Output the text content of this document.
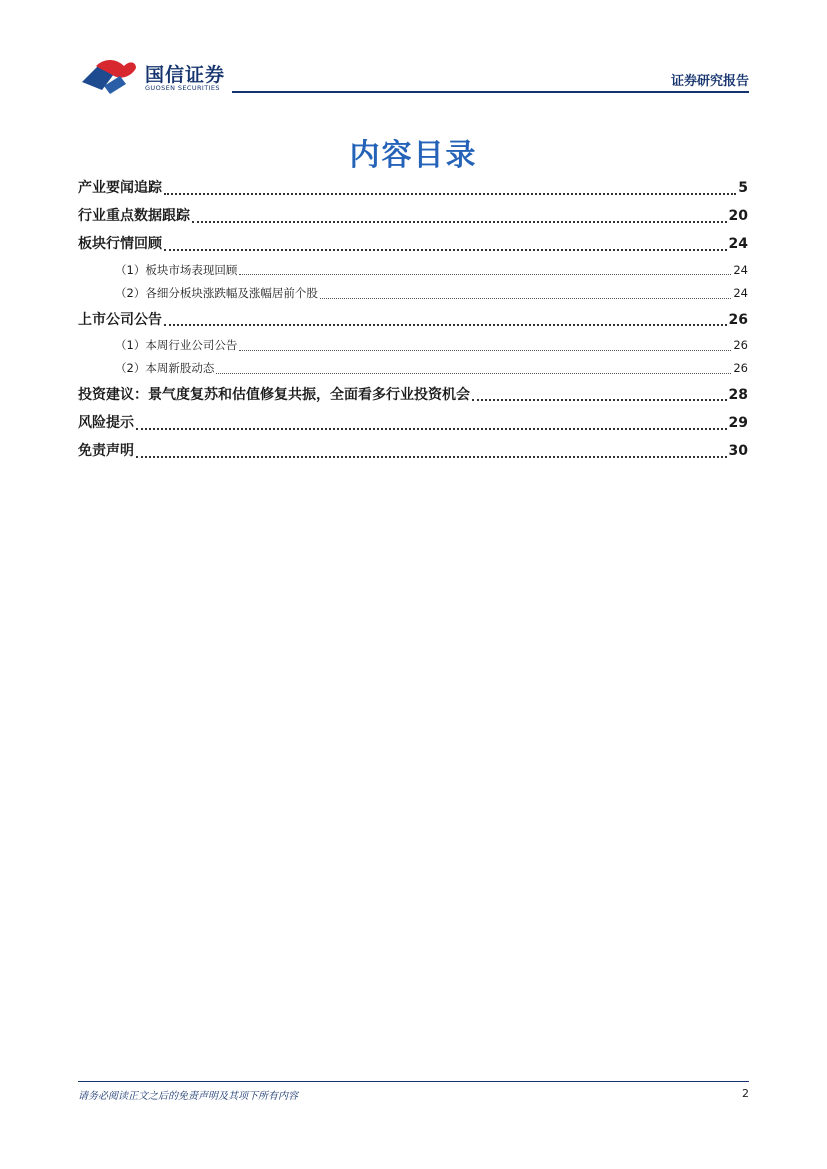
国信证券
GUOSEN SECURITIES	证券研究报告
内容目录
产业要闻追踪	5
行业重点数据跟踪	20
板块行情回顾	24
（1）板块市场表现回顾	24
（2）各细分板块涨跌幅及涨幅居前个股	24
上市公司公告	26
（1）本周行业公司公告	26
（2）本周新股动态	26
投资建议：景气度复苏和估值修复共振，全面看多行业投资机会	28
风险提示	29
免责声明	30
请务必阅读正文之后的免责声明及其项下所有内容	2
